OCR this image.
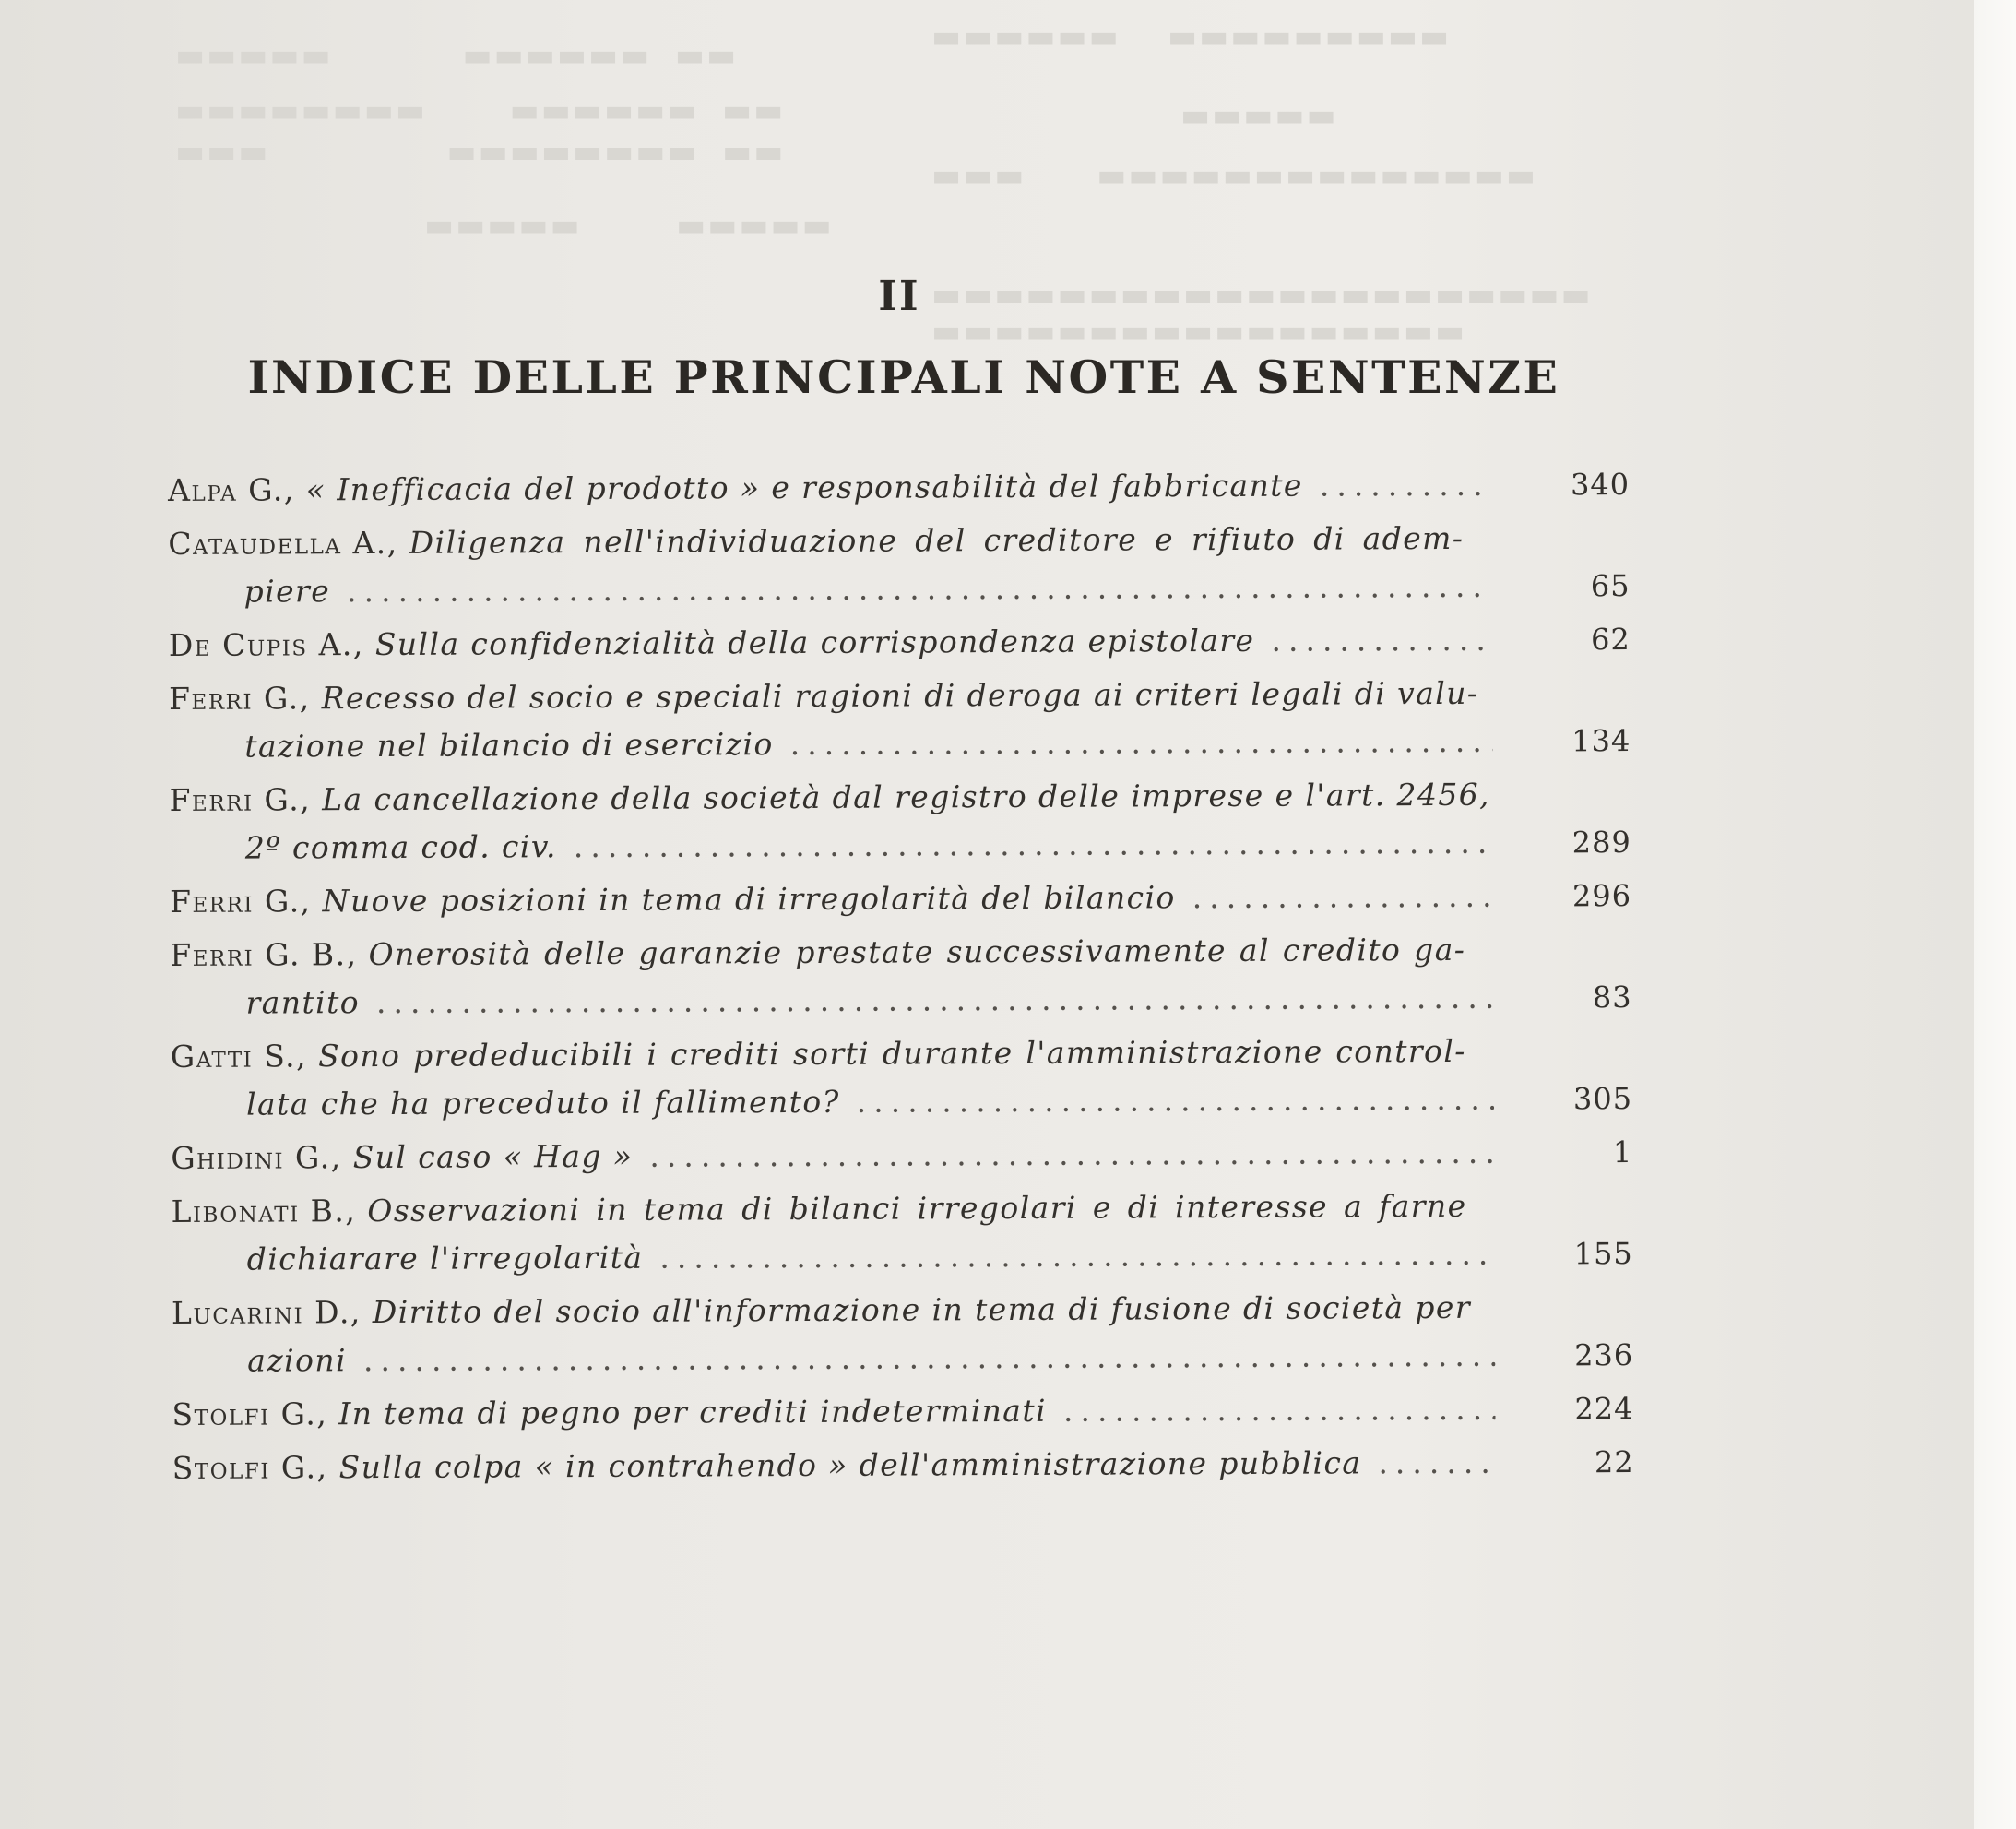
▬▬▬▬▬           ▬▬▬▬▬▬  ▬▬
▬▬▬▬▬▬▬▬       ▬▬▬▬▬▬  ▬▬
▬▬▬               ▬▬▬▬▬▬▬▬  ▬▬
▬▬▬▬▬        ▬▬▬▬▬
▬▬▬▬▬▬    ▬▬▬▬▬▬▬▬▬
▬▬▬▬▬
▬▬▬      ▬▬▬▬▬▬▬▬▬▬▬▬▬▬
▬▬▬▬▬▬▬▬▬▬▬▬▬▬▬▬▬▬▬▬▬
▬▬▬▬▬▬▬▬▬▬▬▬▬▬▬▬▬
II
INDICE DELLE PRINCIPALI NOTE A SENTENZE
Alpa G., « Inefficacia del prodotto » e responsabilità del fabbricante .....	340
Cataudella A., Diligenza nell'individuazione del creditore e rifiuto di adem-
piere .....	65
De Cupis A., Sulla confidenzialità della corrispondenza epistolare .....	62
Ferri G., Recesso del socio e speciali ragioni di deroga ai criteri legali di valu-
tazione nel bilancio di esercizio .....	134
Ferri G., La cancellazione della società dal registro delle imprese e l'art. 2456,
2º comma cod. civ. .....	289
Ferri G., Nuove posizioni in tema di irregolarità del bilancio .....	296
Ferri G. B., Onerosità delle garanzie prestate successivamente al credito ga-
rantito .....	83
Gatti S., Sono prededucibili i crediti sorti durante l'amministrazione control-
lata che ha preceduto il fallimento? .....	305
Ghidini G., Sul caso « Hag » .....	1
Libonati B., Osservazioni in tema di bilanci irregolari e di interesse a farne
dichiarare l'irregolarità .....	155
Lucarini D., Diritto del socio all'informazione in tema di fusione di società per
azioni .....	236
Stolfi G., In tema di pegno per crediti indeterminati .....	224
Stolfi G., Sulla colpa « in contrahendo » dell'amministrazione pubblica .....	22
